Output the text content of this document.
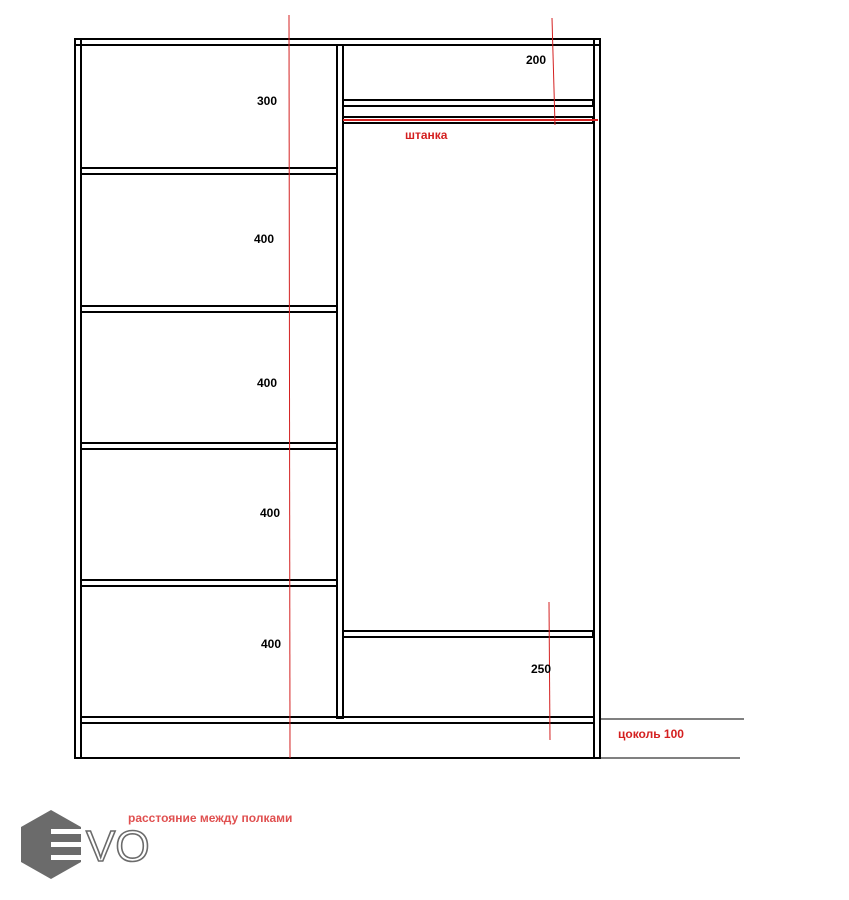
300
400
400
400
400
200
250
штанка
цоколь 100
расстояние между полками
VO
